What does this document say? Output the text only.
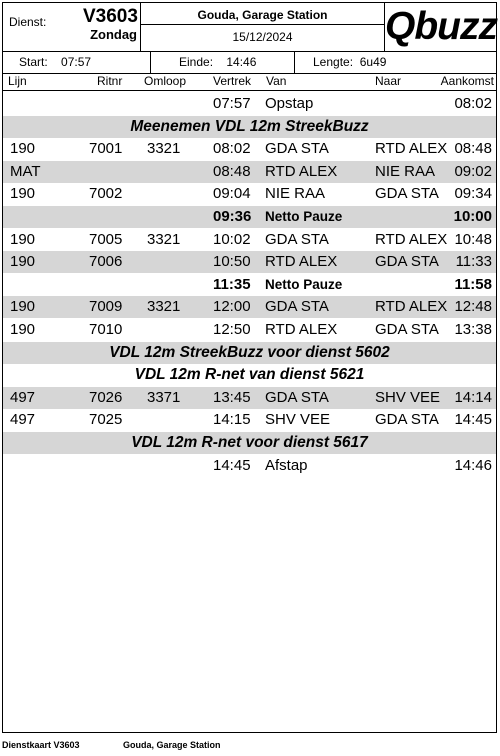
Dienst:	V3603
Zondag
Gouda, Garage Station
15/12/2024	Qbuzz
Start: 07:57	Einde: 14:46	Lengte: 6u49
Lijn	Ritnr Omloop Vertrek Van	Naar	Aankomst
07:57 Opstap	08:02
Meenemen VDL 12m StreekBuzz
190	7001 3321 08:02 GDA STA	RTD ALEX 08:48
MAT	08:48 RTD ALEX	NIE RAA 09:02
190	7002	09:04 NIE RAA	GDA STA 09:34
09:36 Netto Pauze	10:00
190	7005 3321 10:02 GDA STA	RTD ALEX 10:48
190	7006	10:50 RTD ALEX	GDA STA 11:33
11:35 Netto Pauze	11:58
190	7009 3321 12:00 GDA STA	RTD ALEX 12:48
190	7010	12:50 RTD ALEX	GDA STA 13:38
VDL 12m StreekBuzz voor dienst 5602
VDL 12m R-net van dienst 5621
497	7026 3371 13:45 GDA STA	SHV VEE 14:14
497	7025	14:15 SHV VEE	GDA STA 14:45
VDL 12m R-net voor dienst 5617
14:45 Afstap	14:46
Dienstkaart V3603	Gouda, Garage Station
